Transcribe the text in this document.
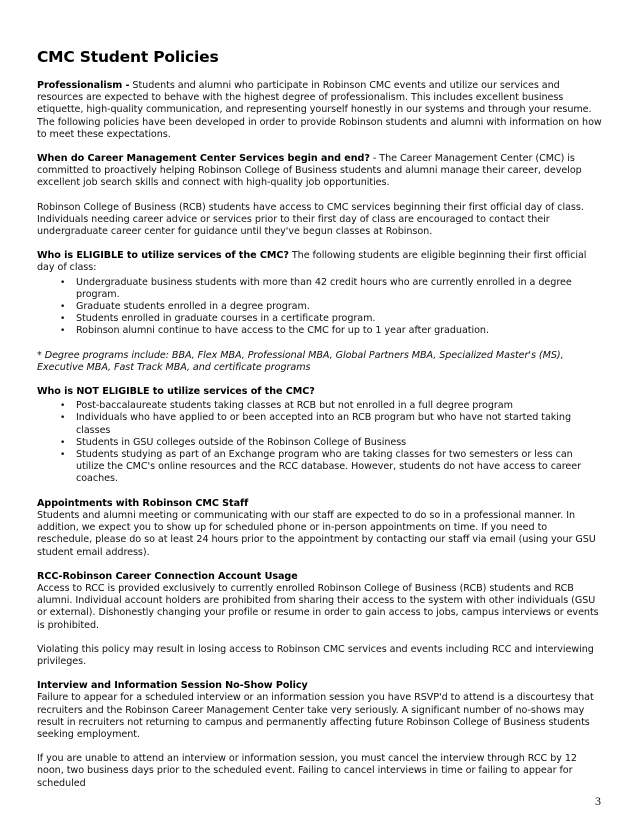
CMC Student Policies

Professionalism - Students and alumni who participate in Robinson CMC events and utilize our services and resources are expected to behave with the highest degree of professionalism. This includes excellent business etiquette, high-quality communication, and representing yourself honestly in our systems and through your resume. The following policies have been developed in order to provide Robinson students and alumni with information on how to meet these expectations.

When do Career Management Center Services begin and end? - The Career Management Center (CMC) is committed to proactively helping Robinson College of Business students and alumni manage their career, develop excellent job search skills and connect with high-quality job opportunities.

Robinson College of Business (RCB) students have access to CMC services beginning their first official day of class. Individuals needing career advice or services prior to their first day of class are encouraged to contact their undergraduate career center for guidance until they've begun classes at Robinson.

Who is ELIGIBLE to utilize services of the CMC? The following students are eligible beginning their first official day of class:

• Undergraduate business students with more than 42 credit hours who are currently enrolled in a degree program.
• Graduate students enrolled in a degree program.
• Students enrolled in graduate courses in a certificate program.
• Robinson alumni continue to have access to the CMC for up to 1 year after graduation.

* Degree programs include: BBA, Flex MBA, Professional MBA, Global Partners MBA, Specialized Master's (MS), Executive MBA, Fast Track MBA, and certificate programs

Who is NOT ELIGIBLE to utilize services of the CMC?

• Post-baccalaureate students taking classes at RCB but not enrolled in a full degree program
• Individuals who have applied to or been accepted into an RCB program but who have not started taking classes
• Students in GSU colleges outside of the Robinson College of Business
• Students studying as part of an Exchange program who are taking classes for two semesters or less can utilize the CMC's online resources and the RCC database. However, students do not have access to career coaches.

Appointments with Robinson CMC Staff

Students and alumni meeting or communicating with our staff are expected to do so in a professional manner. In addition, we expect you to show up for scheduled phone or in-person appointments on time. If you need to reschedule, please do so at least 24 hours prior to the appointment by contacting our staff via email (using your GSU student email address).

RCC-Robinson Career Connection Account Usage

Access to RCC is provided exclusively to currently enrolled Robinson College of Business (RCB) students and RCB alumni. Individual account holders are prohibited from sharing their access to the system with other individuals (GSU or external). Dishonestly changing your profile or resume in order to gain access to jobs, campus interviews or events is prohibited.

Violating this policy may result in losing access to Robinson CMC services and events including RCC and interviewing privileges.

Interview and Information Session No-Show Policy

Failure to appear for a scheduled interview or an information session you have RSVP'd to attend is a discourtesy that recruiters and the Robinson Career Management Center take very seriously. A significant number of no-shows may result in recruiters not returning to campus and permanently affecting future Robinson College of Business students seeking employment.

If you are unable to attend an interview or information session, you must cancel the interview through RCC by 12 noon, two business days prior to the scheduled event. Failing to cancel interviews in time or failing to appear for scheduled

3
